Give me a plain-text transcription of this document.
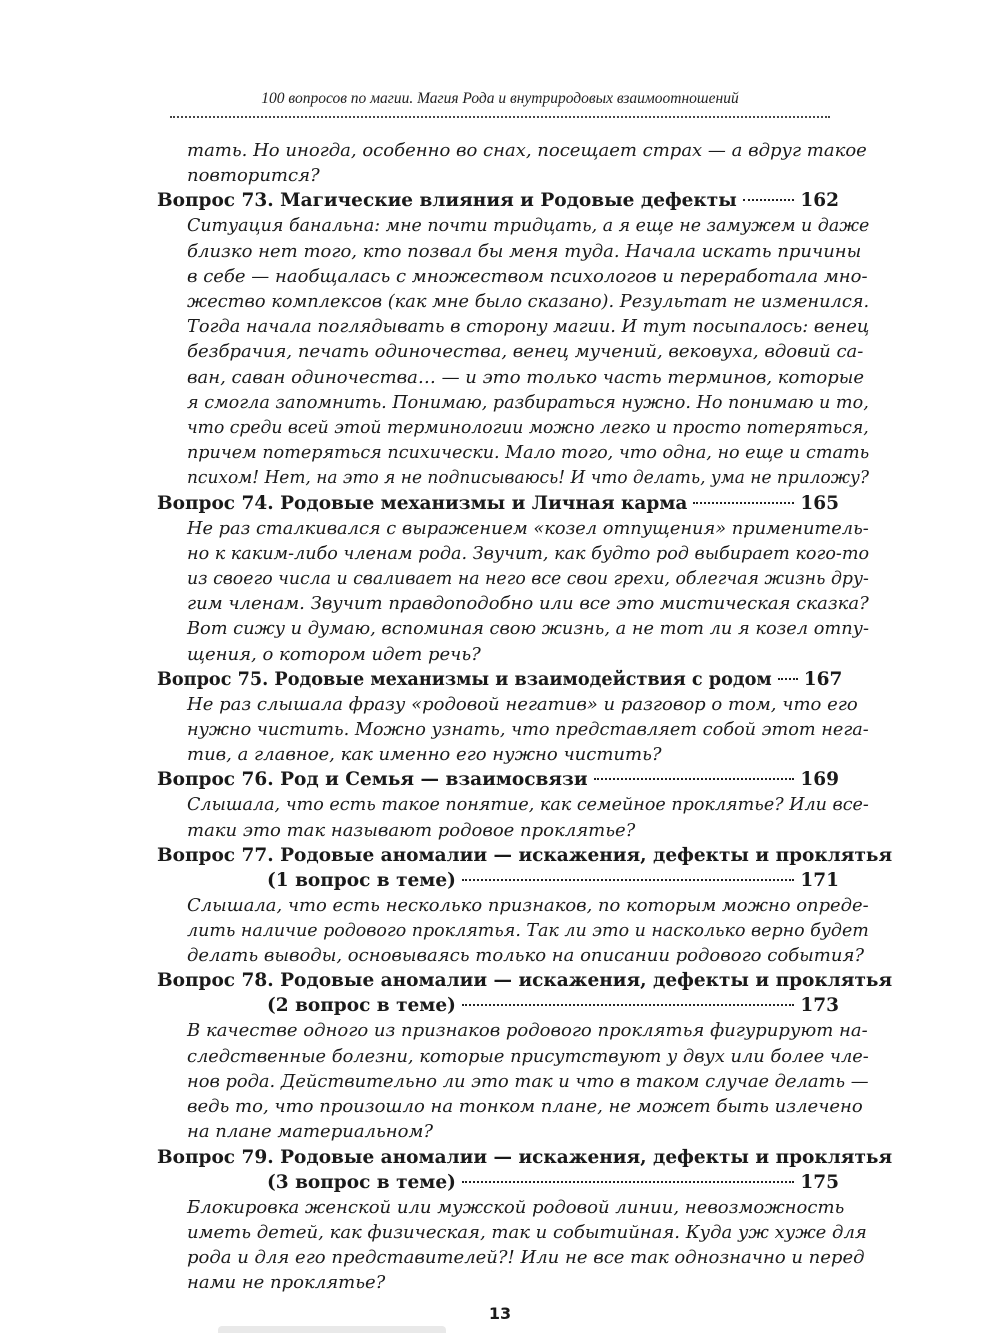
100 вопросов по магии. Магия Рода и внутриродовых взаимоотношений

тать. Но иногда, особенно во снах, посещает страх — а вдруг такое
повторится?

Вопрос 73. Магические влияния и Родовые дефекты	162

Ситуация банальна: мне почти тридцать, а я еще не замужем и даже
близко нет того, кто позвал бы меня туда. Начала искать причины
в себе — наобщалась с множеством психологов и переработала мно-
жество комплексов (как мне было сказано). Результат не изменился.
Тогда начала поглядывать в сторону магии. И тут посыпалось: венец
безбрачия, печать одиночества, венец мучений, вековуха, вдовий са-
ван, саван одиночества… — и это только часть терминов, которые
я смогла запомнить. Понимаю, разбираться нужно. Но понимаю и то,
что среди всей этой терминологии можно легко и просто потеряться,
причем потеряться психически. Мало того, что одна, но еще и стать
психом! Нет, на это я не подписываюсь! И что делать, ума не приложу?

Вопрос 74. Родовые механизмы и Личная карма	165

Не раз сталкивался с выражением «козел отпущения» применитель-
но к каким-либо членам рода. Звучит, как будто род выбирает кого-то
из своего числа и сваливает на него все свои грехи, облегчая жизнь дру-
гим членам. Звучит правдоподобно или все это мистическая сказка?
Вот сижу и думаю, вспоминая свою жизнь, а не тот ли я козел отпу-
щения, о котором идет речь?

Вопрос 75. Родовые механизмы и взаимодействия с родом 167

Не раз слышала фразу «родовой негатив» и разговор о том, что его
нужно чистить. Можно узнать, что представляет собой этот нега-
тив, а главное, как именно его нужно чистить?

Вопрос 76. Род и Семья — взаимосвязи	169

Слышала, что есть такое понятие, как семейное проклятье? Или все-
таки это так называют родовое проклятье?

Вопрос 77. Родовые аномалии — искажения, дефекты и проклятья
(1 вопрос в теме)	171

Слышала, что есть несколько признаков, по которым можно опреде-
лить наличие родового проклятья. Так ли это и насколько верно будет
делать выводы, основываясь только на описании родового события?

Вопрос 78. Родовые аномалии — искажения, дефекты и проклятья
(2 вопрос в теме)	173

В качестве одного из признаков родового проклятья фигурируют на-
следственные болезни, которые присутствуют у двух или более чле-
нов рода. Действительно ли это так и что в таком случае делать —
ведь то, что произошло на тонком плане, не может быть излечено
на плане материальном?

Вопрос 79. Родовые аномалии — искажения, дефекты и проклятья
(3 вопрос в теме)	175

Блокировка женской или мужской родовой линии, невозможность
иметь детей, как физическая, так и событийная. Куда уж хуже для
рода и для его представителей?! Или не все так однозначно и перед
нами не проклятье?

13
